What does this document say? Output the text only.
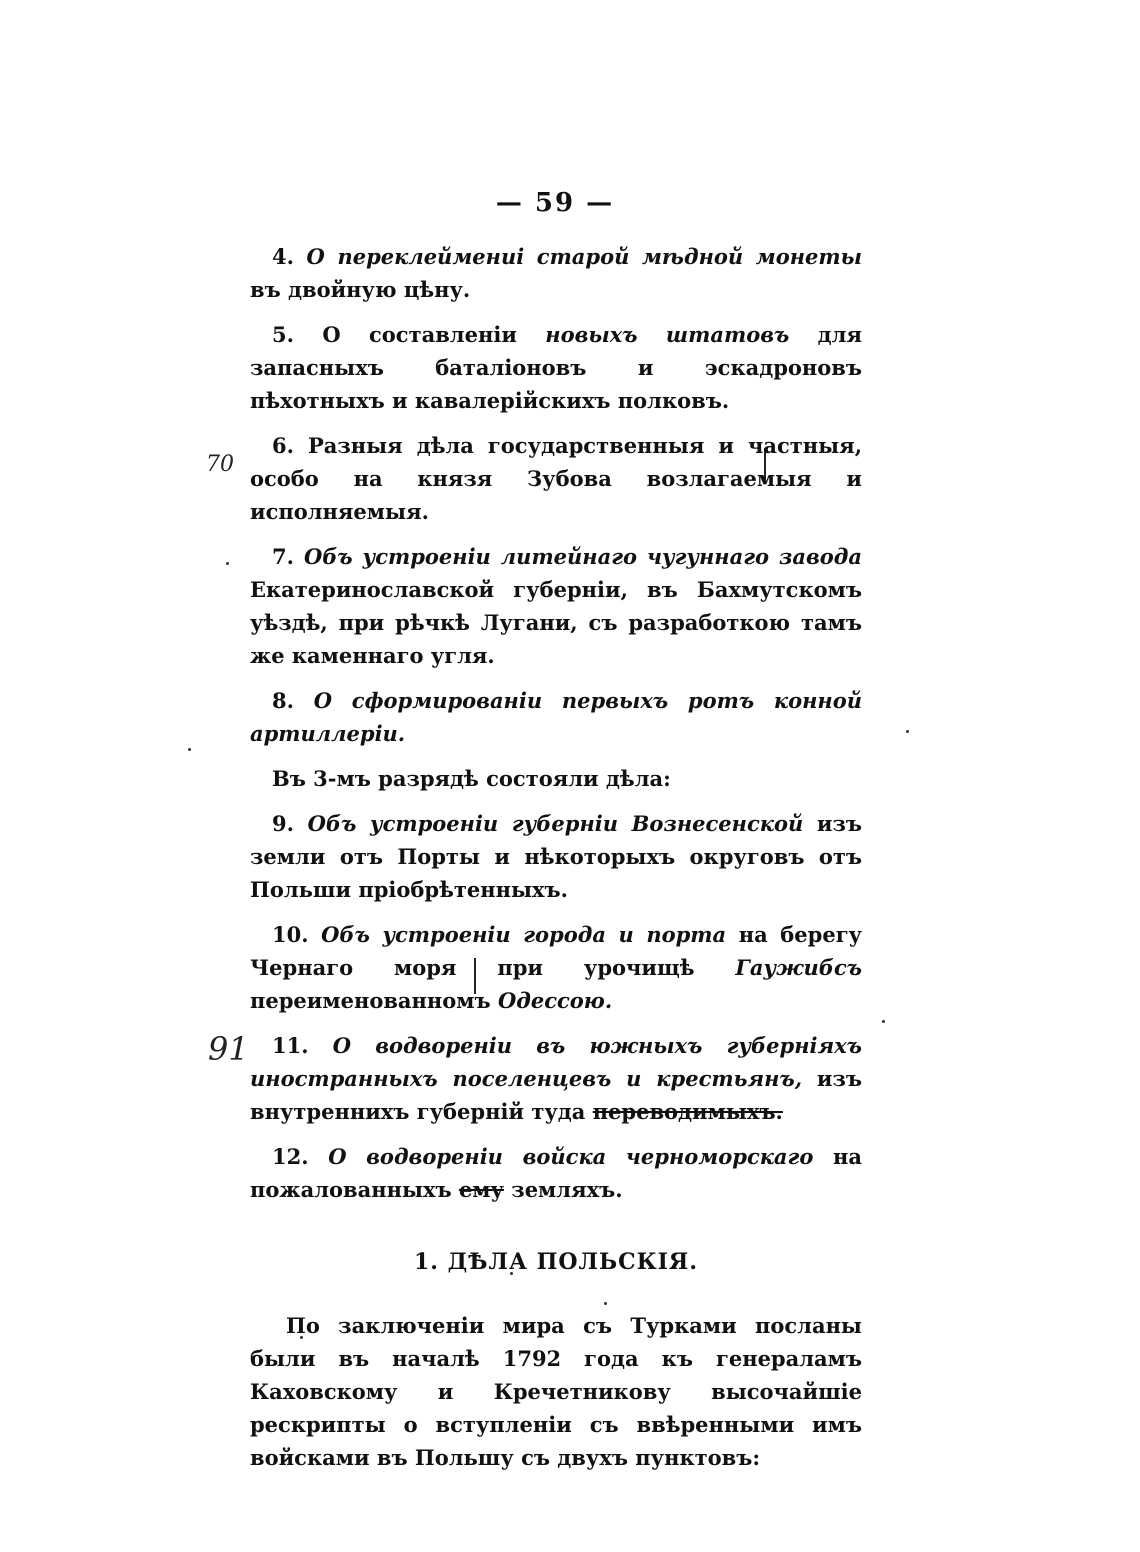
— 59 —
70
91

4. О переклеймениі старой мѣдной монеты въ двойную цѣну.

5. О составленіи новыхъ штатовъ для запасныхъ баталіоновъ и эскадроновъ пѣхотныхъ и кавалерійскихъ полковъ.

6. Разныя дѣла государственныя и частныя, особо на князя Зубова возлагаемыя и исполняемыя.

7. Объ устроеніи литейнаго чугуннаго завода Екатеринославской губерніи, въ Бахмутскомъ уѣздѣ, при рѣчкѣ Лугани, съ разработкою тамъ же каменнаго угля.

8. О сформированіи первыхъ ротъ конной артиллеріи.

Въ 3-мъ разрядѣ состояли дѣла:

9. Объ устроеніи губерніи Вознесенской изъ земли отъ Порты и нѣкоторыхъ округовъ отъ Польши пріобрѣтенныхъ.

10. Объ устроеніи города и порта на берегу Чернаго моря при урочищѣ Гаужибсъ переименованномъ Одессою.

11. О водвореніи въ южныхъ губерніяхъ иностранныхъ поселенцевъ и крестьянъ, изъ внутреннихъ губерній туда переводимыхъ.

12. О водвореніи войска черноморскаго на пожалованныхъ ему земляхъ.

1. ДѢЛА ПОЛЬСКІЯ.

По заключеніи мира съ Турками посланы были въ началѣ 1792 года къ генераламъ Каховскому и Кречетникову высочайшіе рескрипты о вступленіи съ ввѣренными имъ войсками въ Польшу съ двухъ пунктовъ:
